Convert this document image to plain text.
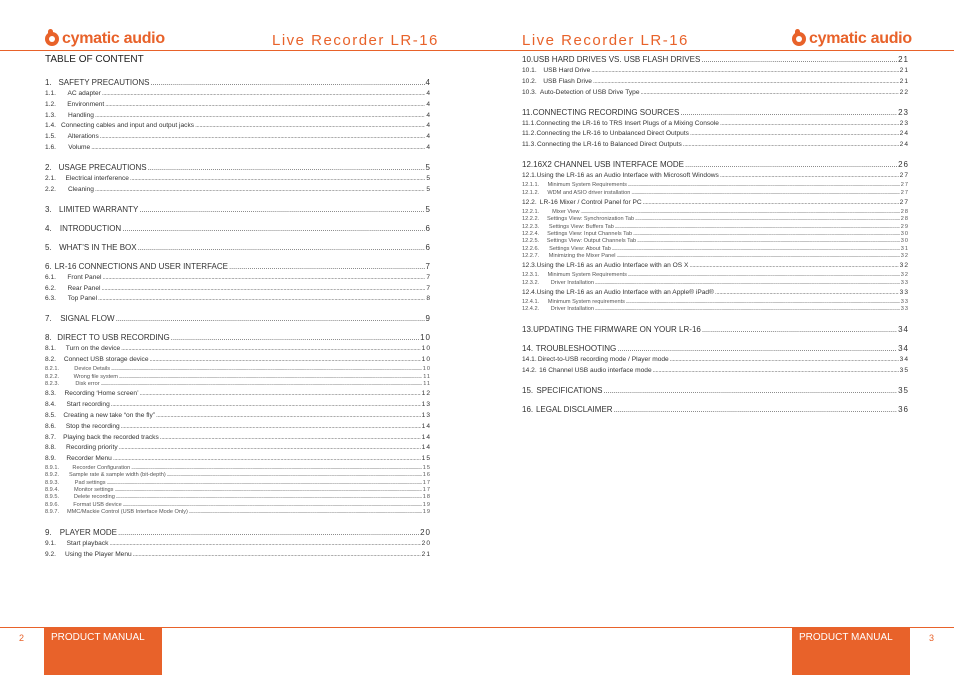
cymatic audio	Live Recorder LR-16	Live Recorder LR-16	cymatic audio
TABLE OF CONTENT
1. SAFETY PRECAUTIONS .....	4
1.1.	AC adapter .....	4
1.2.	Environment .....	4
1.3.	Handling .....	4
1.4. Connecting cables and input and output jacks .....	4
1.5.	Alterations .....	4
1.6.	Volume .....	4
2. USAGE PRECAUTIONS .....	5
2.1.	Electrical interference .....	5
2.2.	Cleaning .....	5
3. LIMITED WARRANTY .....	5
4.	INTRODUCTION .....	6
5. WHAT’S IN THE BOX .....	6
6. LR-16 CONNECTIONS AND USER INTERFACE .....	7
6.1.	Front Panel .....	7
6.2.	Rear Panel .....	7
6.3.	Top Panel .....	8
7.	SIGNAL FLOW .....	9
8. DIRECT TO USB RECORDING .....	10
8.1.	Turn on the device .....	10
8.2.	Connect USB storage device .....	10
8.2.1.	Device Details .....	10
8.2.2.	Wrong file system .....	11
8.2.3.	Disk error .....	11
8.3.	Recording ‘Home screen’ .....	12
8.4.	Start recording .....	13
8.5.	Creating a new take “on the fly” .....	13
8.6.	Stop the recording .....	14
8.7.	Playing back the recorded tracks .....	14
8.8.	Recording priority .....	14
8.9.	Recorder Menu .....	15
8.9.1.	Recorder Configuration .....	15
8.9.2.	Sample rate & sample width (bit-depth) .....	16
8.9.3.	Pad settings .....	17
8.9.4.	Monitor settings .....	17
8.9.5.	Delete recording .....	18
8.9.6.	Format USB device .....	19
8.9.7.	MMC/Mackie Control (USB Interface Mode Only) .....	19
9.	PLAYER MODE .....	20
9.1.	Start playback .....	20
9.2.	Using the Player Menu .....	21
10. USB HARD DRIVES VS. USB FLASH DRIVES .....	21
10.1.	USB Hard Drive .....	21
10.2. USB Flash Drive .....	21
10.3. Auto-Detection of USB Drive Type .....	22
11. CONNECTING RECORDING SOURCES .....	23
11.1. Connecting the LR-16 to TRS Insert Plugs of a Mixing Console .....	23
11.2. Connecting the LR-16 to Unbalanced Direct Outputs .....	24
11.3. Connecting the LR-16 to Balanced Direct Outputs .....	24
12. 16X2 CHANNEL USB INTERFACE MODE .....	26
12.1. Using the LR-16 as an Audio Interface with Microsoft Windows .....	27
12.1.1.	Minimum System Requirements .....	27
12.1.2.	WDM and ASIO driver installation .....	27
12.2. LR-16 Mixer / Control Panel for PC .....	27
12.2.1.	Mixer View .....	28
12.2.2.	Settings View: Synchronization Tab .....	28
12.2.3.	Settings View: Buffers Tab .....	29
12.2.4.	Settings View: Input Channels Tab .....	30
12.2.5.	Settings View: Output Channels Tab .....	30
12.2.6.	Settings View: About Tab .....	31
12.2.7.	Minimizing the Mixer Panel .....	32
12.3. Using the LR-16 as an Audio Interface with an OS X .....	32
12.3.1.	Minimum System Requirements .....	32
12.3.2.	Driver Installation .....	33
12.4. Using the LR-16 as an Audio Interface with an Apple® iPad® .....	33
12.4.1.	Minimum System requirements .....	33
12.4.2.	Driver Installation .....	33
13. UPDATING THE FIRMWARE ON YOUR LR-16 .....	34
14. TROUBLESHOOTING .....	34
14.1. Direct-to-USB recording mode / Player mode .....	34
14.2. 16 Channel USB audio interface mode .....	35
15. SPECIFICATIONS .....	35
16. LEGAL DISCLAIMER .....	36
2	PRODUCT MANUAL	PRODUCT MANUAL	3
